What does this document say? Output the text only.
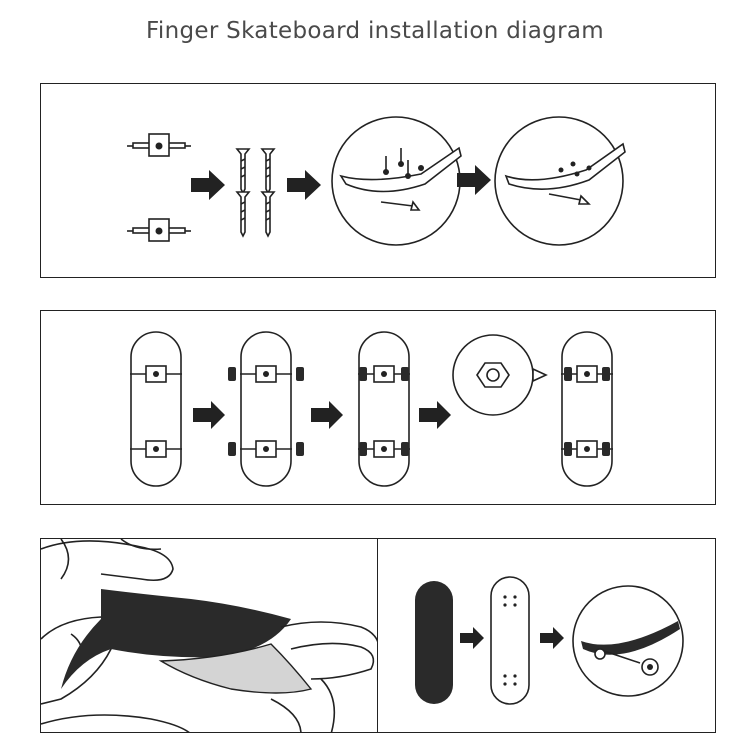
Finger Skateboard installation diagram
